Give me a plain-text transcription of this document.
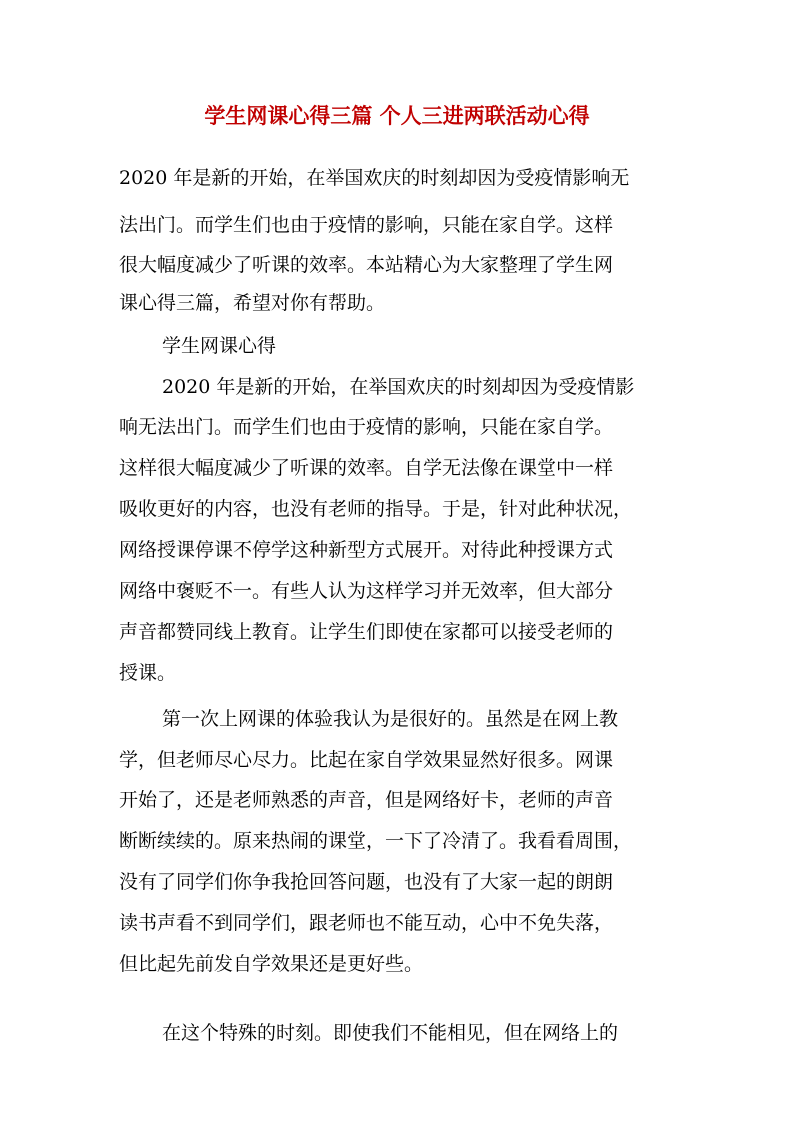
学生网课心得三篇 个人三进两联活动心得
2020 年是新的开始，在举国欢庆的时刻却因为受疫情影响无
法出门。而学生们也由于疫情的影响，只能在家自学。这样
很大幅度减少了听课的效率。本站精心为大家整理了学生网
课心得三篇，希望对你有帮助。
学生网课心得
2020 年是新的开始，在举国欢庆的时刻却因为受疫情影
响无法出门。而学生们也由于疫情的影响，只能在家自学。
这样很大幅度减少了听课的效率。自学无法像在课堂中一样
吸收更好的内容，也没有老师的指导。于是，针对此种状况，
网络授课停课不停学这种新型方式展开。对待此种授课方式
网络中褒贬不一。有些人认为这样学习并无效率，但大部分
声音都赞同线上教育。让学生们即使在家都可以接受老师的
授课。
第一次上网课的体验我认为是很好的。虽然是在网上教
学，但老师尽心尽力。比起在家自学效果显然好很多。网课
开始了，还是老师熟悉的声音，但是网络好卡，老师的声音
断断续续的。原来热闹的课堂，一下了冷清了。我看看周围，
没有了同学们你争我抢回答问题，也没有了大家一起的朗朗
读书声看不到同学们，跟老师也不能互动，心中不免失落，
但比起先前发自学效果还是更好些。
在这个特殊的时刻。即使我们不能相见，但在网络上的
